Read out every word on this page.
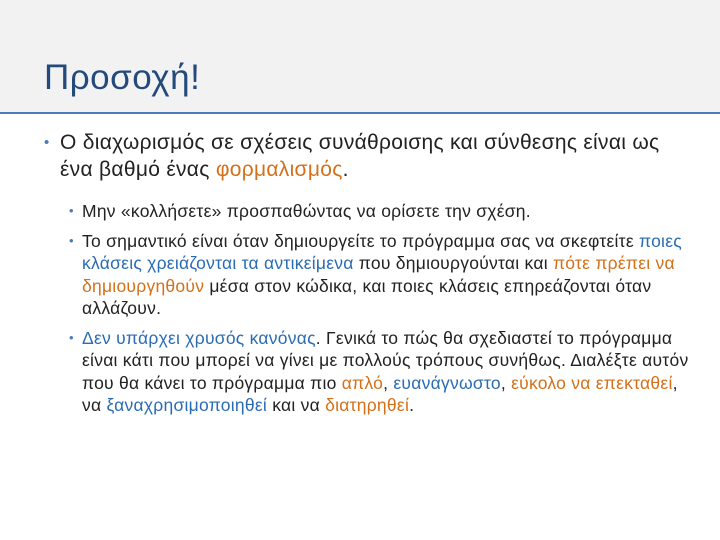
Προσοχή!
• Ο διαχωρισμός σε σχέσεις συνάθροισης και σύνθεσης είναι ως ένα βαθμό ένας φορμαλισμός.
• Μην «κολλήσετε» προσπαθώντας να ορίσετε την σχέση.
• Το σημαντικό είναι όταν δημιουργείτε το πρόγραμμα σας να σκεφτείτε ποιες κλάσεις χρειάζονται τα αντικείμενα που δημιουργούνται και πότε πρέπει να δημιουργηθούν μέσα στον κώδικα, και ποιες κλάσεις επηρεάζονται όταν αλλάζουν.
• Δεν υπάρχει χρυσός κανόνας. Γενικά το πώς θα σχεδιαστεί το πρόγραμμα είναι κάτι που μπορεί να γίνει με πολλούς τρόπους συνήθως. Διαλέξτε αυτόν που θα κάνει το πρόγραμμα πιο απλό, ευανάγνωστο, εύκολο να επεκταθεί, να ξαναχρησιμοποιηθεί και να διατηρηθεί.
